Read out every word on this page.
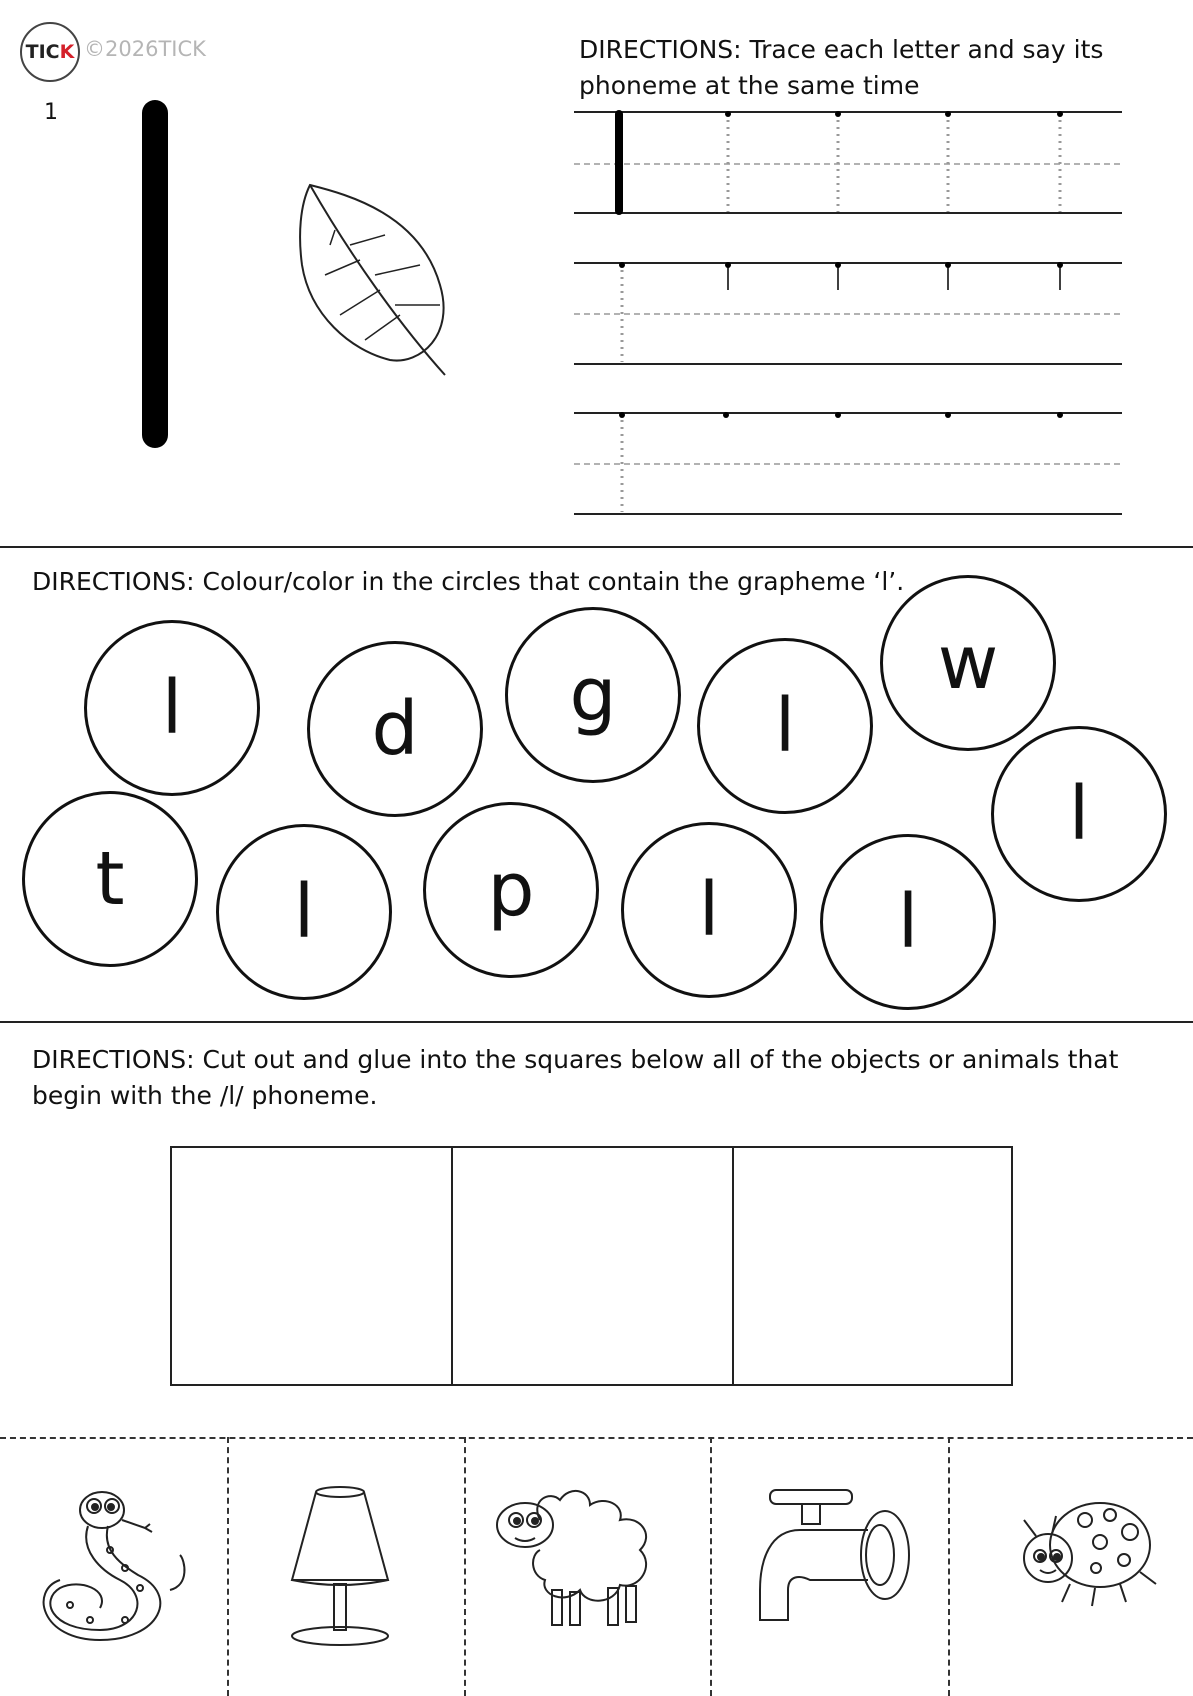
TIC K ©2026TICK
1
DIRECTIONS: Trace each letter and say its phoneme at the same time
DIRECTIONS: Colour/color in the circles that contain the grapheme ‘l’.
l	d	g	l
w
l
t	l	p	l	l
DIRECTIONS: Cut out and glue into the squares below all of the objects or animals that begin with the /l/ phoneme.
